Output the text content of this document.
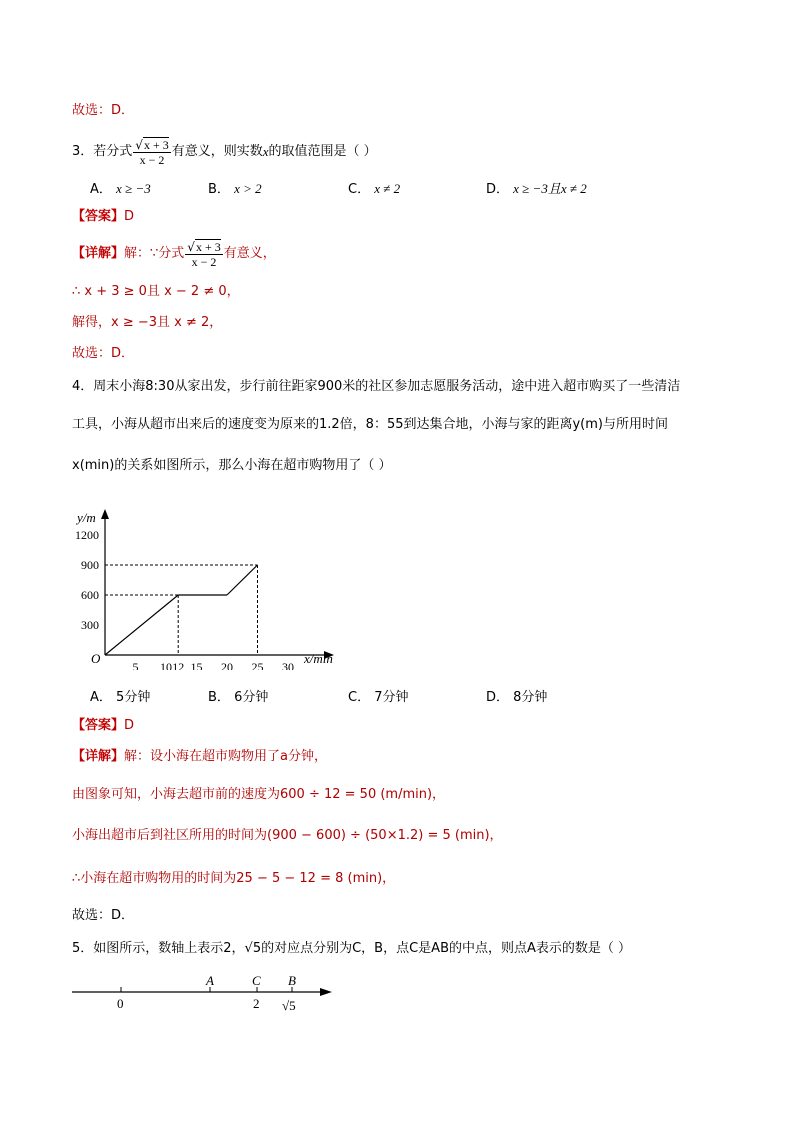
故选：D．
3． 若分式 $\frac{√x + 3}{x - 2}$ 有意义，则实数 x 的取值范围是（ ）
A． x ≥ −3	B． x > 2	C． x ≠ 2	D． x ≥ −3且x ≠ 2
【答案】D
【详解】 解：∵分式 $\frac{√x + 3}{x - 2}$ 有意义，
∴ x + 3 ≥ 0且 x − 2 ≠ 0，
解得，x ≥ −3且 x ≠ 2，
故选：D．
4．周末小海8:30从家出发，步行前往距家900米的社区参加志愿服务活动，途中进入超市购买了一些清洁
工具，小海从超市出来后的速度变为原来的1.2倍，8：55到达集合地，小海与家的距离y(m)与所用时间
x(min)的关系如图所示，那么小海在超市购物用了（ ）
y/m
x/min
O
300
600
900
1200
5 10 12 15 20 25 30
A． 5分钟	B． 6分钟	C． 7分钟	D． 8分钟
【答案】D
【详解】解：设小海在超市购物用了a分钟，
由图象可知，小海去超市前的速度为600 ÷ 12 = 50 (m/min)，
小海出超市后到社区所用的时间为(900 − 600) ÷ (50×1.2) = 5 (min)，
∴小海在超市购物用的时间为25 − 5 − 12 = 8 (min)，
故选：D．
5．如图所示，数轴上表示2，√5的对应点分别为C，B，点C是AB的中点，则点A表示的数是（ ）
0
A	C B
2 √5
